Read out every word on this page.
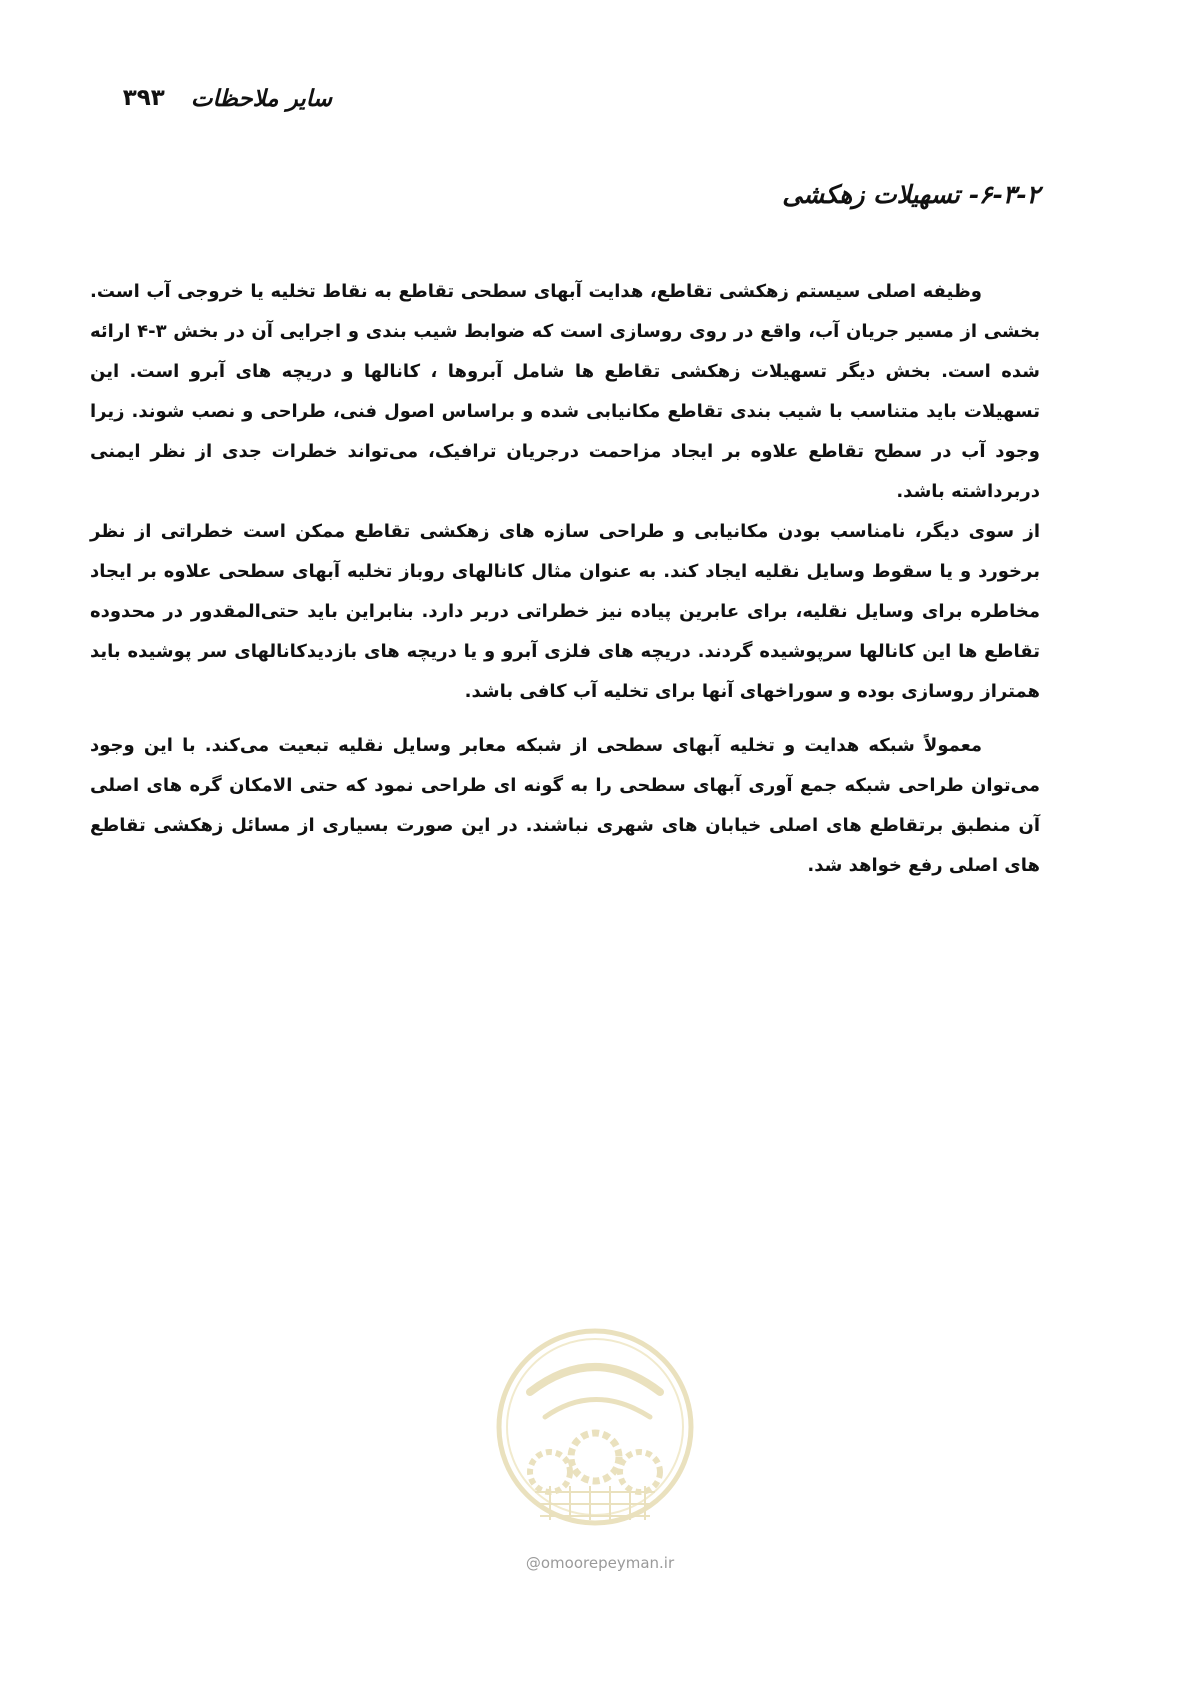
سایر ملاحظات
۳۹۳
۶-۳-۲- تسهیلات زهکشی

وظیفه اصلی سیستم زهکشی تقاطع، هدایت آبهای سطحی تقاطع به نقاط تخلیه یا خروجی آب است. بخشی از مسیر جریان آب، واقع در روی روسازی است که ضوابط شیب بندی و اجرایی آن در بخش ۳-۴ ارائه شده است. بخش دیگر تسهیلات زهکشی تقاطع ها شامل آبروها ، کانالها و دریچه های آبرو است. این تسهیلات باید متناسب با شیب بندی تقاطع مکانیابی شده و براساس اصول فنی، طراحی و نصب شوند. زیرا وجود آب در سطح تقاطع علاوه بر ایجاد مزاحمت درجریان ترافیک، می‌تواند خطرات جدی از نظر ایمنی دربرداشته باشد.

از سوی دیگر، نامناسب بودن مکانیابی و طراحی سازه های زهکشی تقاطع ممکن است خطراتی از نظر برخورد و یا سقوط وسایل نقلیه ایجاد کند. به عنوان مثال کانالهای روباز تخلیه آبهای سطحی علاوه بر ایجاد مخاطره برای وسایل نقلیه، برای عابرین پیاده نیز خطراتی دربر دارد. بنابراین باید حتی‌المقدور در محدوده تقاطع ها این کانالها سرپوشیده گردند. دریچه های فلزی آبرو و یا دریچه های بازدیدکانالهای سر پوشیده باید همتراز روسازی بوده و سوراخهای آنها برای تخلیه آب کافی باشد.

معمولاً شبکه هدایت و تخلیه آبهای سطحی از شبکه معابر وسایل نقلیه تبعیت می‌کند. با این وجود می‌توان طراحی شبکه جمع آوری آبهای سطحی را به گونه ای طراحی نمود که حتی الامکان گره های اصلی آن منطبق برتقاطع های اصلی خیابان های شهری نباشند. در این صورت بسیاری از مسائل زهکشی تقاطع های اصلی رفع خواهد شد.

@omoorepeyman.ir
